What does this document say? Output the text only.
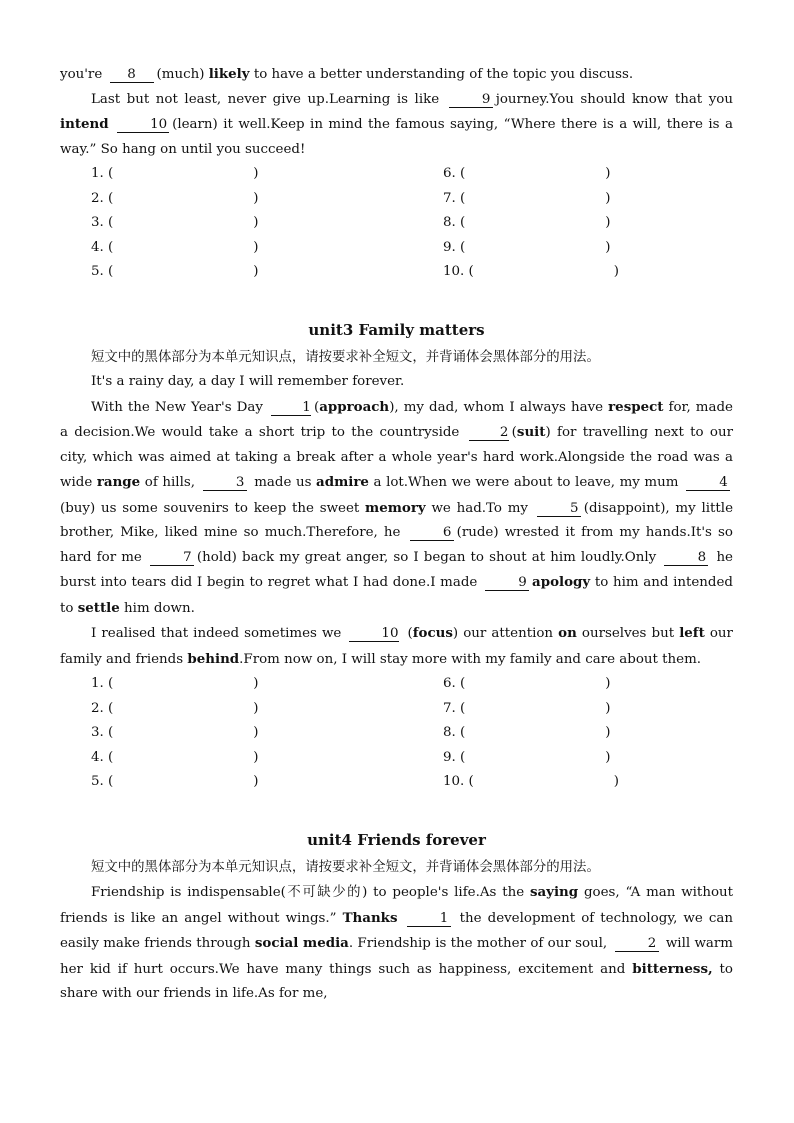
you're 8 (much) likely to have a better understanding of the topic you discuss.
Last but not least, never give up.Learning is like	9 journey.You should know that you intend	10 (learn) it well.Keep in mind the famous saying, “Where there is a will, there is a way.” So hang on until you succeed!
1. (	)
2. (	)
3. (	)
4. (	)
5. (	)
6. (	)
7. (	)
8. (	)
9. (	)
10. (	)
unit3 Family matters
短文中的黑体部分为本单元知识点，请按要求补全短文，并背诵体会黑体部分的用法。
It's a rainy day, a day I will remember forever.
With the New Year's Day	1 (approach), my dad, whom I always have respect for, made a decision.We would take a short trip to the countryside	2 (suit) for travelling next to our city, which was aimed at taking a break after a whole year's hard work.Alongside the road was a wide range of hills,	3 made us admire a lot.When we were about to leave, my mum	4(buy) us some souvenirs to keep the sweet memory we had.To my	5 (disappoint), my little brother, Mike, liked mine so much.Therefore, he	6 (rude) wrested it from my hands.It's so hard for me	7 (hold) back my great anger, so I began to shout at him loudly.Only	8 he burst into tears did I begin to regret what I had done.I made	9 apology to him and intended to settle him down.
I realised that indeed sometimes we	10 (focus) our attention on ourselves but left our family and friends behind.From now on, I will stay more with my family and care about them.
1. (	)
2. (	)
3. (	)
4. (	)
5. (	)
6. (	)
7. (	)
8. (	)
9. (	)
10. (	)
unit4 Friends forever
短文中的黑体部分为本单元知识点，请按要求补全短文，并背诵体会黑体部分的用法。
Friendship is indispensable(不可缺少的) to people's life.As the saying goes, “A man without friends is like an angel without wings.” Thanks	1 the development of technology, we can easily make friends through social media. Friendship is the mother of our soul,	2 will warm her kid if hurt occurs.We have many things such as happiness, excitement and bitterness, to share with our friends in life.As for me,
